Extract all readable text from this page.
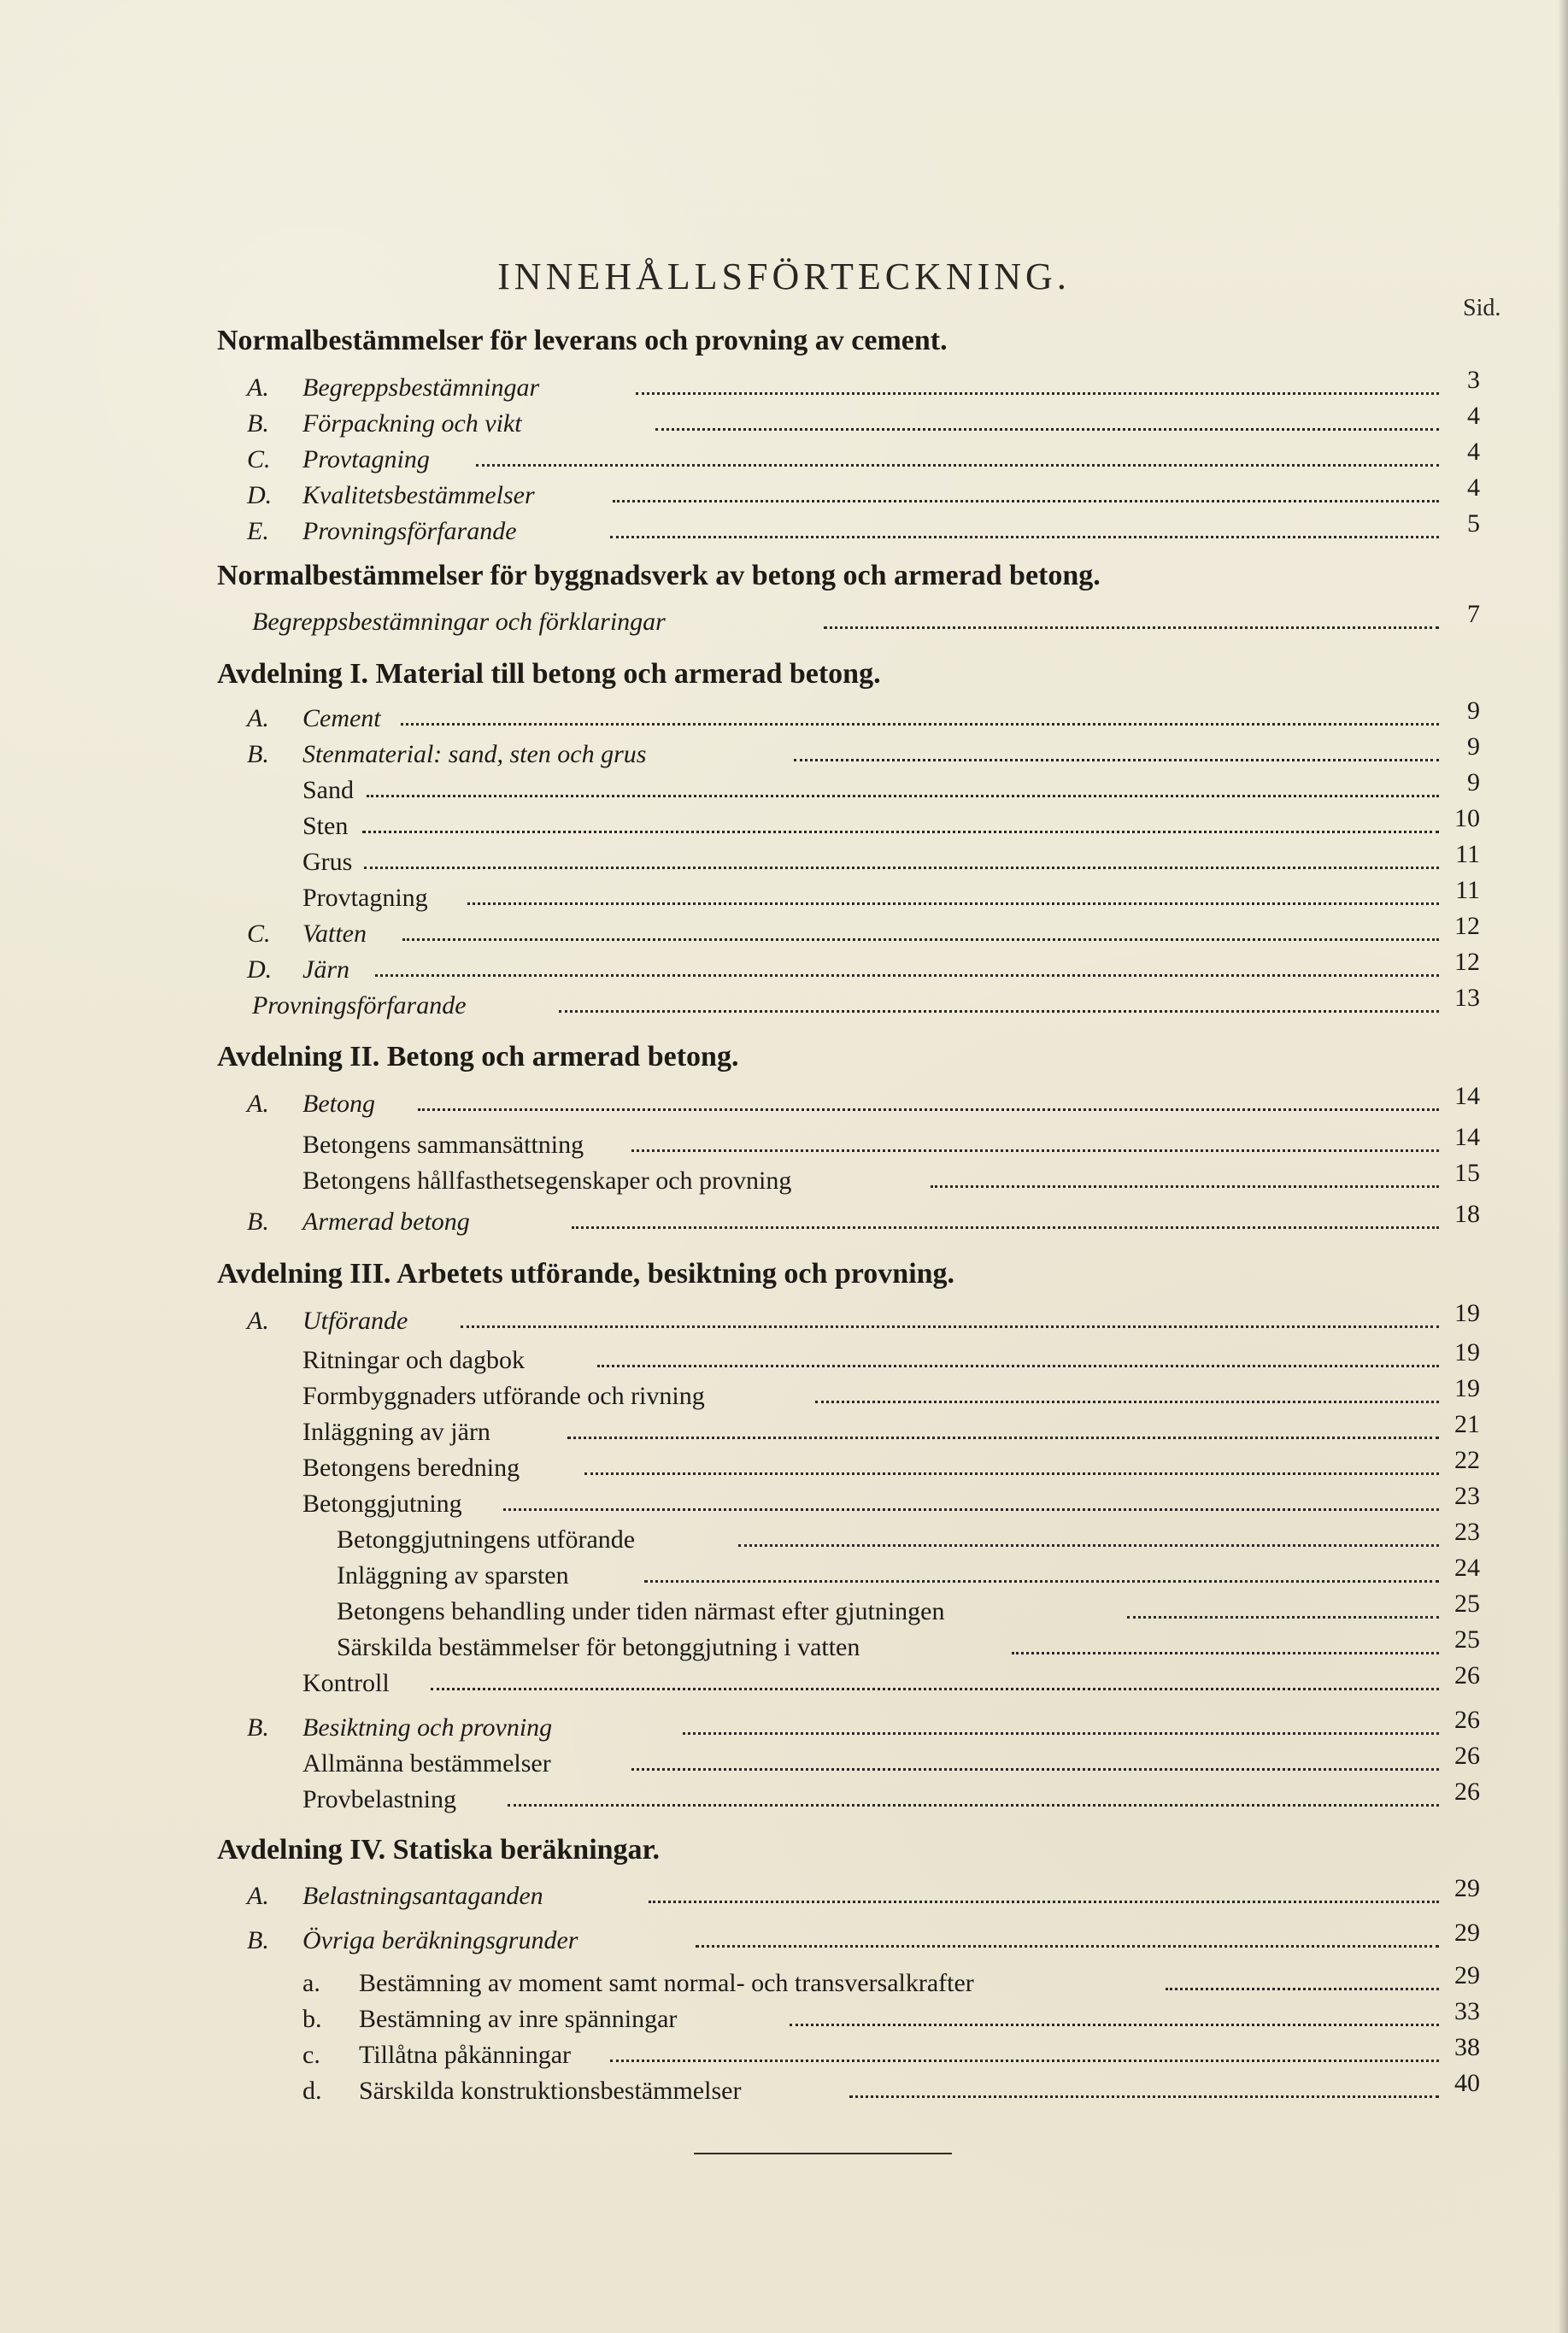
INNEHÅLLSFÖRTECKNING.
Sid.
Normalbestämmelser för leverans och provning av cement.
A. Begreppsbestämningar	3
B. Förpackning och vikt	4
C. Provtagning	4
D. Kvalitetsbestämmelser	4
E. Provningsförfarande	5
Normalbestämmelser för byggnadsverk av betong och armerad betong.
Begreppsbestämningar och förklaringar	7
Avdelning I. Material till betong och armerad betong.
A. Cement	9
B. Stenmaterial: sand, sten och grus	9
Sand	9
Sten	10
Grus	11
Provtagning	11
C. Vatten	12
D. Järn	12
Provningsförfarande	13
Avdelning II. Betong och armerad betong.
A. Betong	14
Betongens sammansättning	14
Betongens hållfasthetsegenskaper och provning	15
B. Armerad betong	18
Avdelning III. Arbetets utförande, besiktning och provning.
A. Utförande	19
Ritningar och dagbok	19
Formbyggnaders utförande och rivning	19
Inläggning av järn	21
Betongens beredning	22
Betonggjutning	23
Betonggjutningens utförande	23
Inläggning av sparsten	24
Betongens behandling under tiden närmast efter gjutningen	25
Särskilda bestämmelser för betonggjutning i vatten	25
Kontroll	26
B. Besiktning och provning	26
Allmänna bestämmelser	26
Provbelastning	26
Avdelning IV. Statiska beräkningar.
A. Belastningsantaganden	29
B. Övriga beräkningsgrunder	29
a. Bestämning av moment samt normal- och transversalkrafter	29
b. Bestämning av inre spänningar	33
c. Tillåtna påkänningar	38
d. Särskilda konstruktionsbestämmelser	40
